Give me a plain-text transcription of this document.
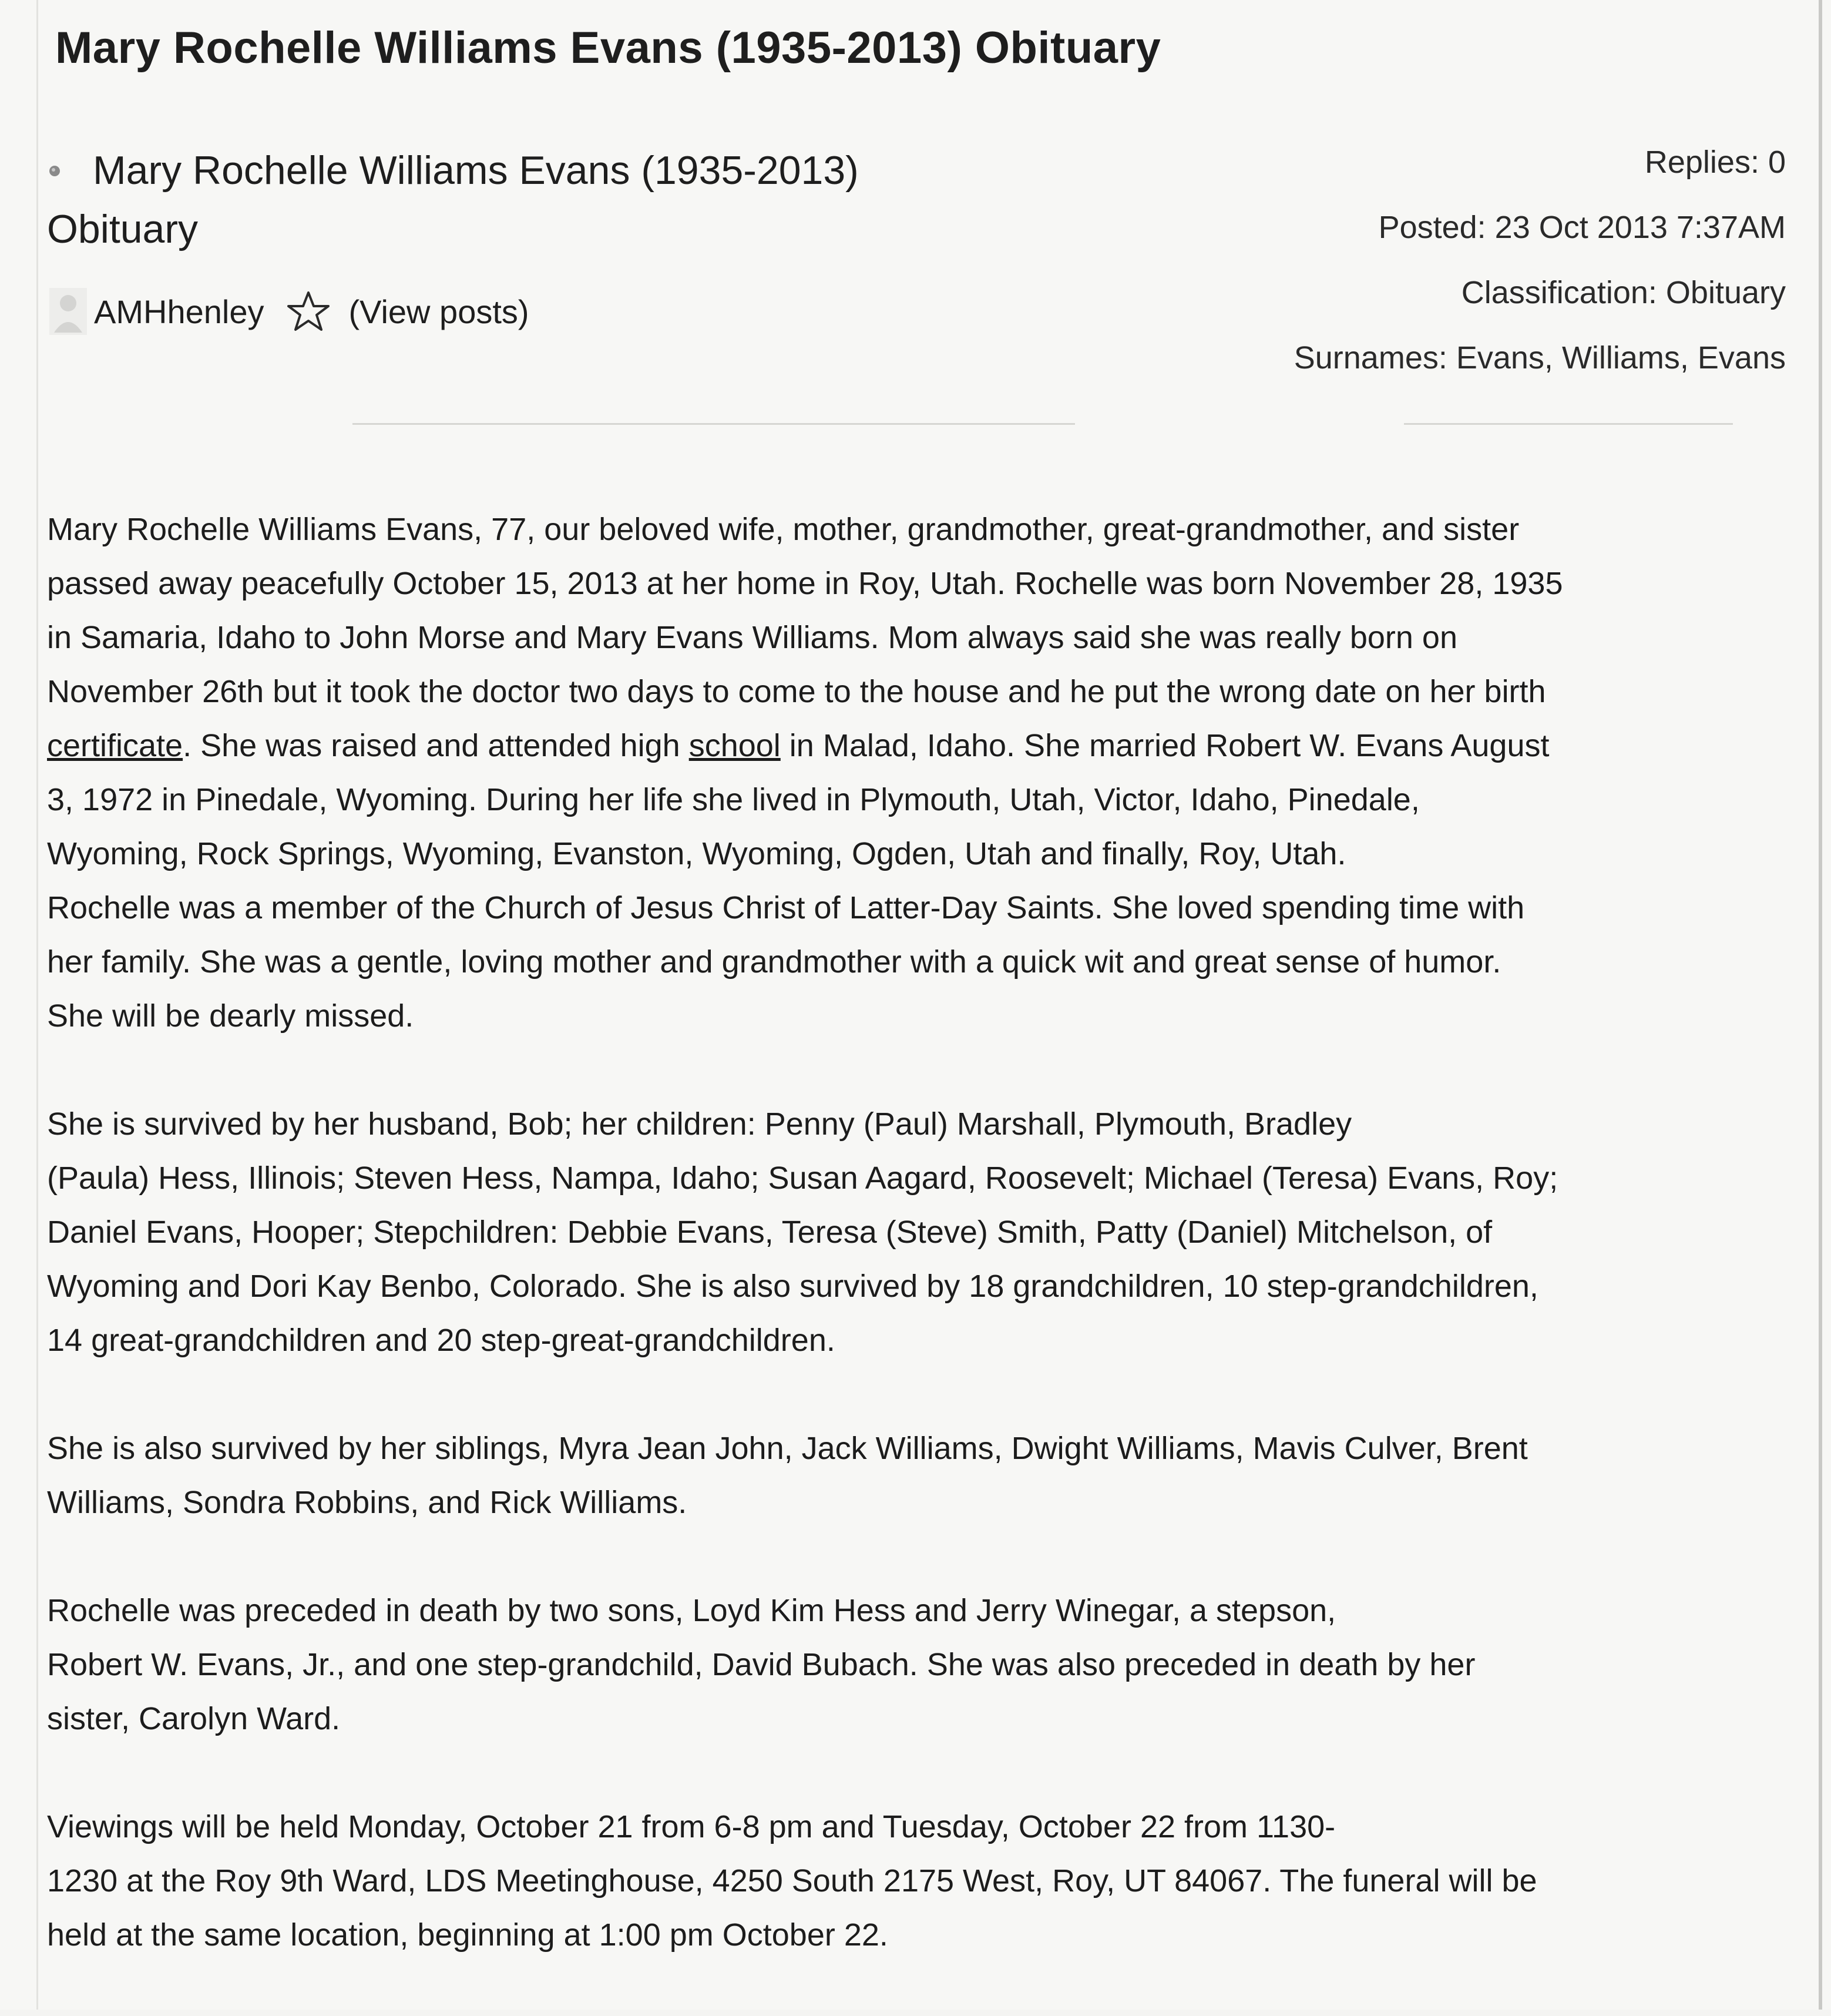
Mary Rochelle Williams Evans (1935-2013) Obituary
Mary Rochelle Williams Evans (1935-2013) Obituary
AMHhenley	(View posts)
Replies: 0
Posted: 23 Oct 2013 7:37AM
Classification: Obituary
Surnames: Evans, Williams, Evans
Mary Rochelle Williams Evans, 77, our beloved wife, mother, grandmother, great-grandmother, and sister
passed away peacefully October 15, 2013 at her home in Roy, Utah. Rochelle was born November 28, 1935
in Samaria, Idaho to John Morse and Mary Evans Williams. Mom always said she was really born on
November 26th but it took the doctor two days to come to the house and he put the wrong date on her birth
certificate. She was raised and attended high school in Malad, Idaho. She married Robert W. Evans August
3, 1972 in Pinedale, Wyoming. During her life she lived in Plymouth, Utah, Victor, Idaho, Pinedale,
Wyoming, Rock Springs, Wyoming, Evanston, Wyoming, Ogden, Utah and finally, Roy, Utah.
Rochelle was a member of the Church of Jesus Christ of Latter-Day Saints. She loved spending time with
her family. She was a gentle, loving mother and grandmother with a quick wit and great sense of humor.
She will be dearly missed.
She is survived by her husband, Bob; her children: Penny (Paul) Marshall, Plymouth, Bradley
(Paula) Hess, Illinois; Steven Hess, Nampa, Idaho; Susan Aagard, Roosevelt; Michael (Teresa) Evans, Roy;
Daniel Evans, Hooper; Stepchildren: Debbie Evans, Teresa (Steve) Smith, Patty (Daniel) Mitchelson, of
Wyoming and Dori Kay Benbo, Colorado. She is also survived by 18 grandchildren, 10 step-grandchildren,
14 great-grandchildren and 20 step-great-grandchildren.
She is also survived by her siblings, Myra Jean John, Jack Williams, Dwight Williams, Mavis Culver, Brent
Williams, Sondra Robbins, and Rick Williams.
Rochelle was preceded in death by two sons, Loyd Kim Hess and Jerry Winegar, a stepson,
Robert W. Evans, Jr., and one step-grandchild, David Bubach. She was also preceded in death by her
sister, Carolyn Ward.
Viewings will be held Monday, October 21 from 6-8 pm and Tuesday, October 22 from 1130-
1230 at the Roy 9th Ward, LDS Meetinghouse, 4250 South 2175 West, Roy, UT 84067. The funeral will be
held at the same location, beginning at 1:00 pm October 22.
